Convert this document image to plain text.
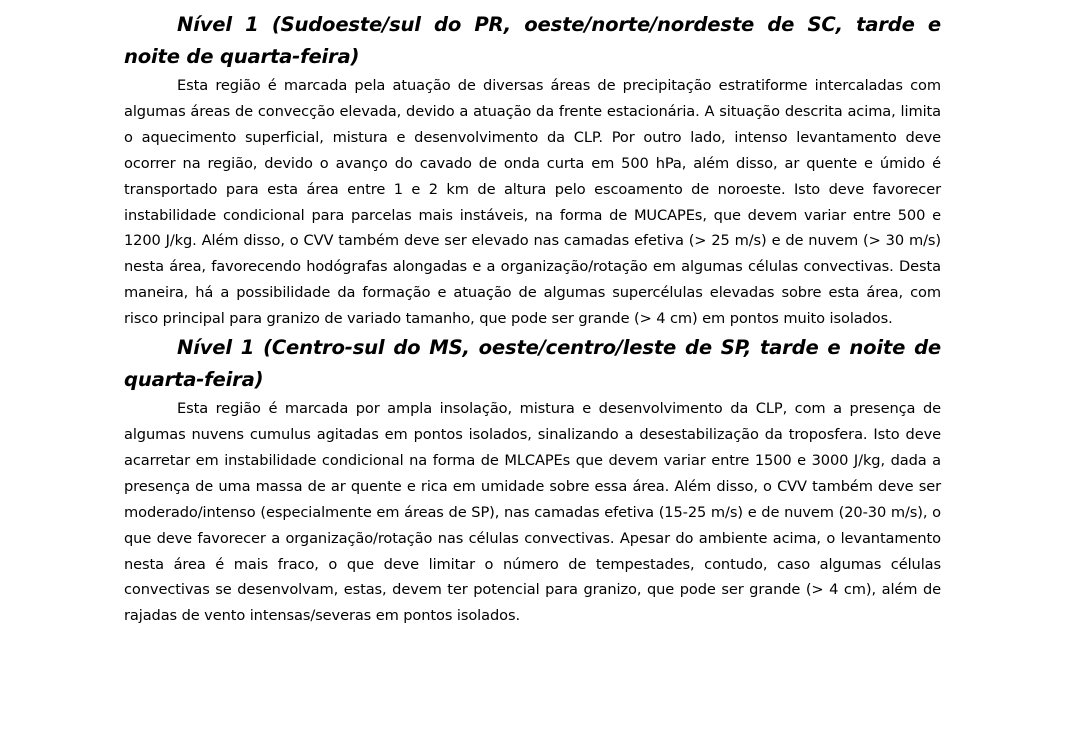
Nível 1 (Sudoeste/sul do PR, oeste/norte/nordeste de SC, tarde e noite de quarta-feira)

Esta região é marcada pela atuação de diversas áreas de precipitação estratiforme intercaladas com algumas áreas de convecção elevada, devido a atuação da frente estacionária. A situação descrita acima, limita o aquecimento superficial, mistura e desenvolvimento da CLP. Por outro lado, intenso levantamento deve ocorrer na região, devido o avanço do cavado de onda curta em 500 hPa, além disso, ar quente e úmido é transportado para esta área entre 1 e 2 km de altura pelo escoamento de noroeste. Isto deve favorecer instabilidade condicional para parcelas mais instáveis, na forma de MUCAPEs, que devem variar entre 500 e 1200 J/kg. Além disso, o CVV também deve ser elevado nas camadas efetiva (> 25 m/s) e de nuvem (> 30 m/s) nesta área, favorecendo hodógrafas alongadas e a organização/rotação em algumas células convectivas. Desta maneira, há a possibilidade da formação e atuação de algumas supercélulas elevadas sobre esta área, com risco principal para granizo de variado tamanho, que pode ser grande (> 4 cm) em pontos muito isolados.

Nível 1 (Centro-sul do MS, oeste/centro/leste de SP, tarde e noite de quarta-feira)

Esta região é marcada por ampla insolação, mistura e desenvolvimento da CLP, com a presença de algumas nuvens cumulus agitadas em pontos isolados, sinalizando a desestabilização da troposfera. Isto deve acarretar em instabilidade condicional na forma de MLCAPEs que devem variar entre 1500 e 3000 J/kg, dada a presença de uma massa de ar quente e rica em umidade sobre essa área. Além disso, o CVV também deve ser moderado/intenso (especialmente em áreas de SP), nas camadas efetiva (15-25 m/s) e de nuvem (20-30 m/s), o que deve favorecer a organização/rotação nas células convectivas. Apesar do ambiente acima, o levantamento nesta área é mais fraco, o que deve limitar o número de tempestades, contudo, caso algumas células convectivas se desenvolvam, estas, devem ter potencial para granizo, que pode ser grande (> 4 cm), além de rajadas de vento intensas/severas em pontos isolados.
